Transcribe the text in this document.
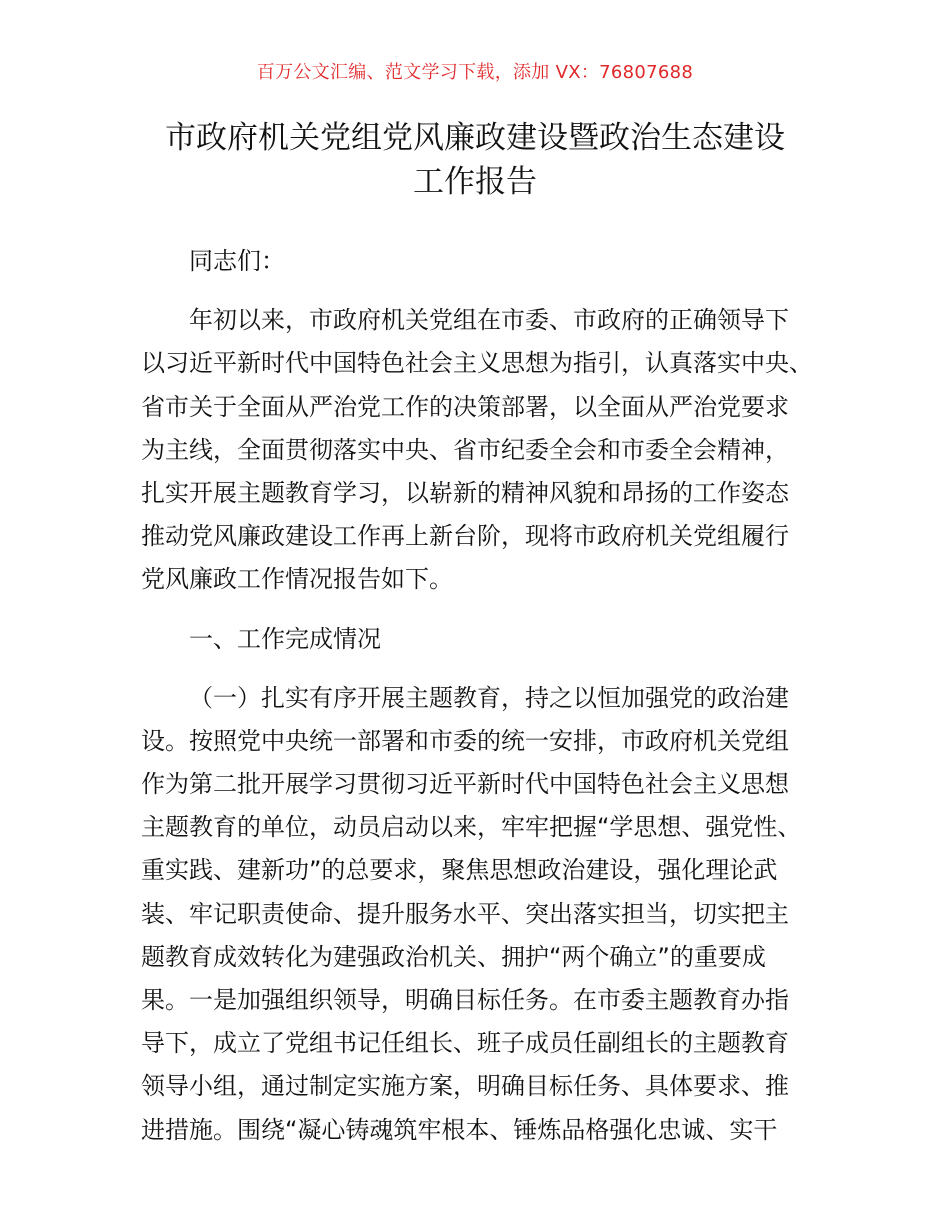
百万公文汇编、范文学习下载，添加 VX：76807688
市政府机关党组党风廉政建设暨政治生态建设
工作报告
同志们：
年初以来，市政府机关党组在市委、市政府的正确领导下
以习近平新时代中国特色社会主义思想为指引，认真落实中央、
省市关于全面从严治党工作的决策部署，以全面从严治党要求
为主线，全面贯彻落实中央、省市纪委全会和市委全会精神，
扎实开展主题教育学习，以崭新的精神风貌和昂扬的工作姿态
推动党风廉政建设工作再上新台阶，现将市政府机关党组履行
党风廉政工作情况报告如下。
一、工作完成情况
（一）扎实有序开展主题教育，持之以恒加强党的政治建
设。按照党中央统一部署和市委的统一安排，市政府机关党组
作为第二批开展学习贯彻习近平新时代中国特色社会主义思想
主题教育的单位，动员启动以来，牢牢把握“学思想、强党性、
重实践、建新功”的总要求，聚焦思想政治建设，强化理论武
装、牢记职责使命、提升服务水平、突出落实担当，切实把主
题教育成效转化为建强政治机关、拥护“两个确立”的重要成
果。一是加强组织领导，明确目标任务。在市委主题教育办指
导下，成立了党组书记任组长、班子成员任副组长的主题教育
领导小组，通过制定实施方案，明确目标任务、具体要求、推
进措施。围绕“凝心铸魂筑牢根本、锤炼品格强化忠诚、实干
